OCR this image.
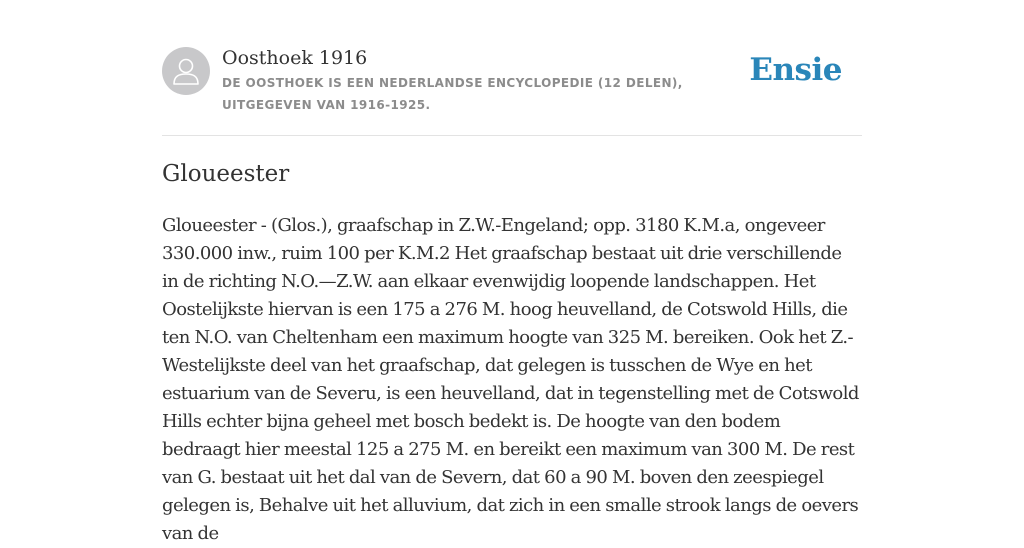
Oosthoek 1916
DE OOSTHOEK IS EEN NEDERLANDSE ENCYCLOPEDIE (12 DELEN), UITGEGEVEN VAN 1916-1925.
Ensie
Gloueester

Gloueester - (Glos.), graafschap in Z.W.-Engeland; opp. 3180 K.M.a, ongeveer 330.000 inw., ruim 100 per K.M.2 Het graafschap bestaat uit drie verschillende in de richting N.O.—Z.W. aan elkaar evenwijdig loopende landschappen. Het Oostelijkste hiervan is een 175 a 276 M. hoog heuvelland, de Cotswold Hills, die ten N.O. van Cheltenham een maximum hoogte van 325 M. bereiken. Ook het Z.-Westelijkste deel van het graafschap, dat gelegen is tusschen de Wye en het estuarium van de Severu, is een heuvelland, dat in tegenstelling met de Cotswold Hills echter bijna geheel met bosch bedekt is. De hoogte van den bodem bedraagt hier meestal 125 a 275 M. en bereikt een maximum van 300 M. De rest van G. bestaat uit het dal van de Severn, dat 60 a 90 M. boven den zeespiegel gelegen is, Behalve uit het alluvium, dat zich in een smalle strook langs de oevers van de
